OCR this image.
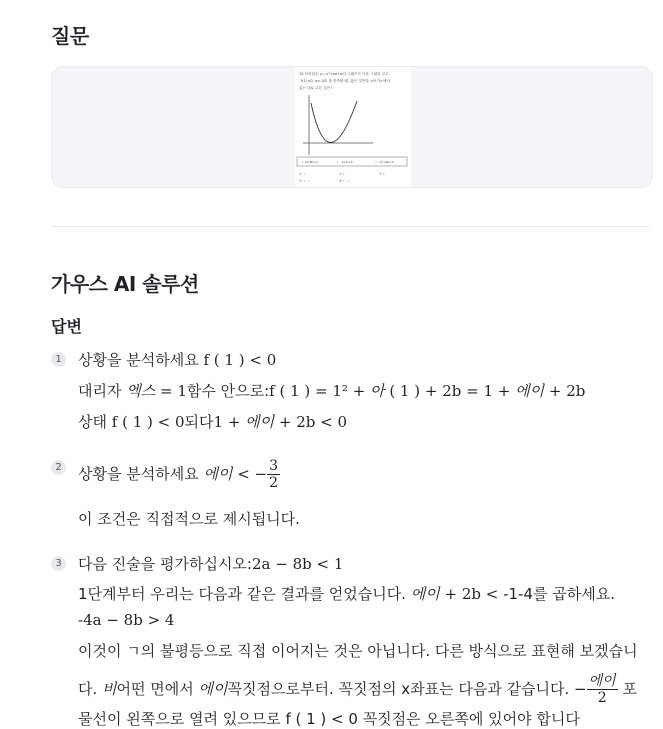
질문
15.이차함수 y=-x²+ax+b의 그래프가 다음 그림과 같고,
f(1)<0, a<-3/2 을 만족할 때, 옳은 것만을 <보기>에서
있는 대로 고른 것은?
ㄱ. 2a-8b<1	ㄴ. a+b<0	ㄷ. a²+4b<0
① ㄱ	② ㄴ	③ ㄷ
④ ㄱ, ㄴ	⑤ ㄴ, ㄷ
가우스 AI 솔루션
답변
1 상황을 분석하세요 f ( 1 ) < 0
대리자 엑스 = 1함수 안으로:f ( 1 ) = 1² + 아 ( 1 ) + 2b = 1 + 에이 + 2b
상태 f ( 1 ) < 0되다1 + 에이 + 2b < 0
2 상황을 분석하세요 에이 < − $\frac{3}{2}$
이 조건은 직접적으로 제시됩니다.
3 다음 진술을 평가하십시오:2a − 8b < 1
1단계부터 우리는 다음과 같은 결과를 얻었습니다. 에이 + 2b < -1-4를 곱하세요.
-4a − 8b > 4
이것이 ㄱ의 불평등으로 직접 이어지는 것은 아닙니다. 다른 방식으로 표현해 보겠습니
다. 비어떤 면에서 에이꼭짓점으로부터. 꼭짓점의 x좌표는 다음과 같습니다. − $\frac{\text{에이}}{2}$ 포
물선이 왼쪽으로 열려 있으므로 f ( 1 ) < 0 꼭짓점은 오른쪽에 있어야 합니다
